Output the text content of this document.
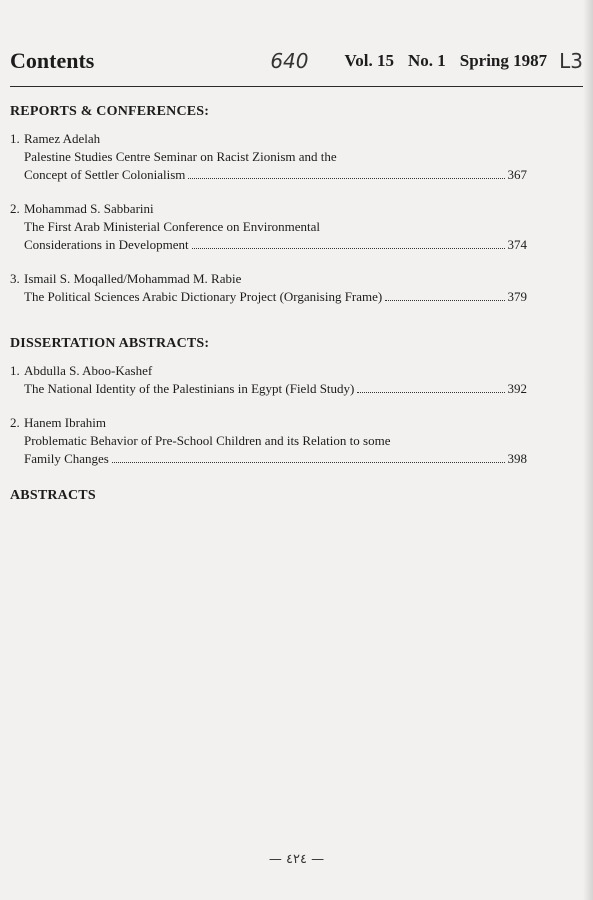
Contents	640 Vol. 15 No. 1 Spring 1987 L3
REPORTS & CONFERENCES:
1. Ramez Adelah
Palestine Studies Centre Seminar on Racist Zionism and the
Concept of Settler Colonialism	367
2. Mohammad S. Sabbarini
The First Arab Ministerial Conference on Environmental
Considerations in Development	374
3. Ismail S. Moqalled/Mohammad M. Rabie
The Political Sciences Arabic Dictionary Project (Organising Frame)	379
DISSERTATION ABSTRACTS:
1. Abdulla S. Aboo-Kashef
The National Identity of the Palestinians in Egypt (Field Study)	392
2. Hanem Ibrahim
Problematic Behavior of Pre-School Children and its Relation to some
Family Changes	398
ABSTRACTS
— ٤٢٤ —
